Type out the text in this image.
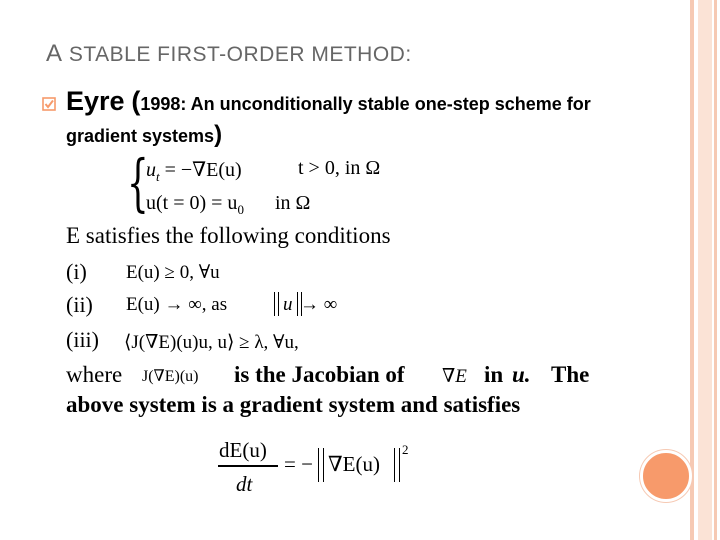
A STABLE FIRST-ORDER METHOD:
Eyre (1998: An unconditionally stable one-step scheme for
gradient systems)
{
$u_t = -\nabla E(u)$	t > 0, in Ω
$u(t = 0) = u_0$ in Ω
E satisfies the following conditions
(i) E(u) ≥ 0, ∀u
(ii) E(u) → ∞, as	‖ u ‖
→ ∞
(iii) ⟨J(∇E)(u)u, u⟩ ≥ λ, ∀u,
where J(∇E)(u) is the Jacobian of ∇E in u. The
above system is a gradient system and satisfies
dE(u)
dt
= − ‖ ∇E(u) ‖ 2
